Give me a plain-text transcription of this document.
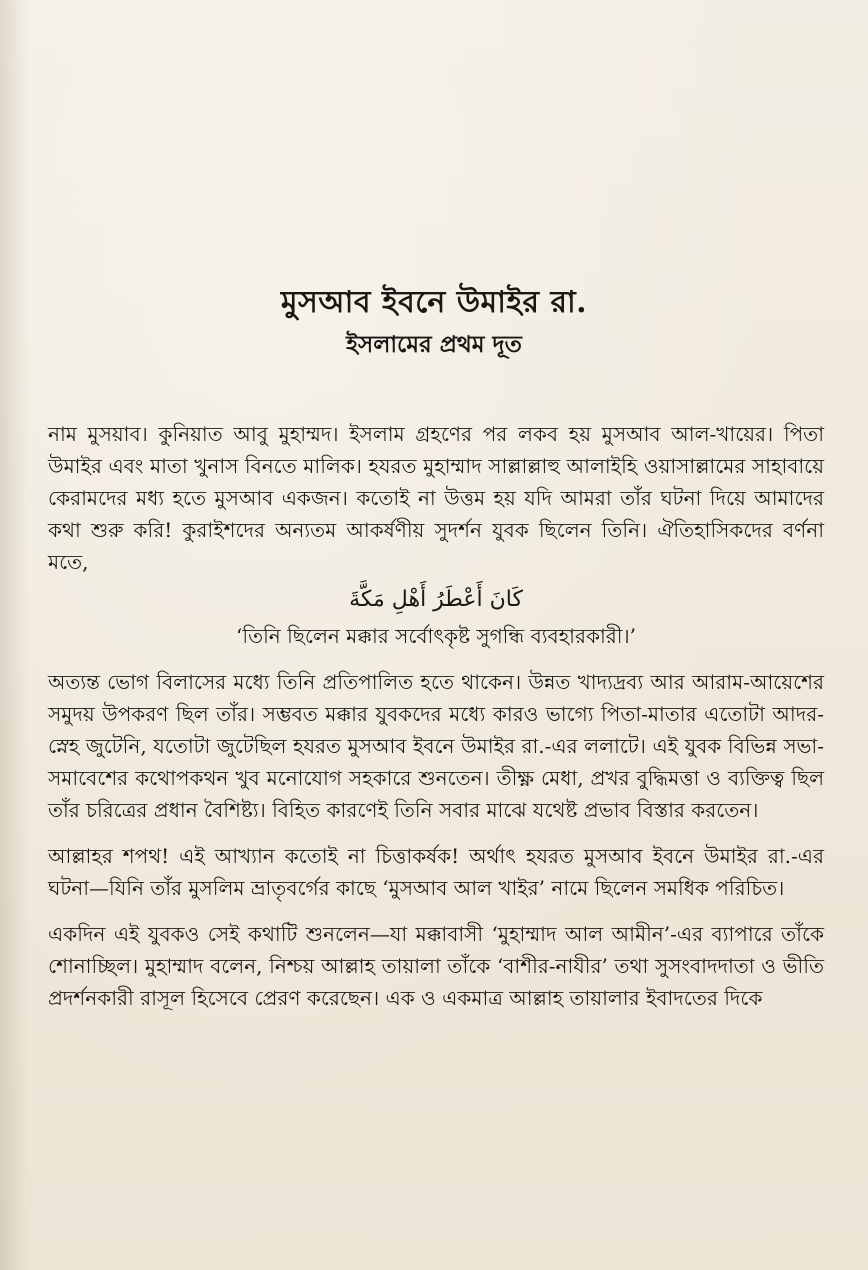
মুসআব ইবনে উমাইর রা.
ইসলামের প্রথম দূত

নাম মুসয়াব। কুনিয়াত আবু মুহাম্মদ। ইসলাম গ্রহণের পর লকব হয় মুসআব আল-খায়ের। পিতা উমাইর এবং মাতা খুনাস বিনতে মালিক। হযরত মুহাম্মাদ সাল্লাল্লাহু আলাইহি ওয়াসাল্লামের সাহাবায়ে কেরামদের মধ্য হতে মুসআব একজন। কতোই না উত্তম হয় যদি আমরা তাঁর ঘটনা দিয়ে আমাদের কথা শুরু করি! কুরাইশদের অন্যতম আকর্ষণীয় সুদর্শন যুবক ছিলেন তিনি। ঐতিহাসিকদের বর্ণনা মতে,

كَانَ أَعْطَرُ أَهْلِ مَكَّةَ

‘তিনি ছিলেন মক্কার সর্বোৎকৃষ্ট সুগন্ধি ব্যবহারকারী।’

অত্যন্ত ভোগ বিলাসের মধ্যে তিনি প্রতিপালিত হতে থাকেন। উন্নত খাদ্যদ্রব্য আর আরাম-আয়েশের সমুদয় উপকরণ ছিল তাঁর। সম্ভবত মক্কার যুবকদের মধ্যে কারও ভাগ্যে পিতা-মাতার এতোটা আদর-স্নেহ জুটেনি, যতোটা জুটেছিল হযরত মুসআব ইবনে উমাইর রা.-এর ললাটে। এই যুবক বিভিন্ন সভা-সমাবেশের কথোপকথন খুব মনোযোগ সহকারে শুনতেন। তীক্ষ্ণ মেধা, প্রখর বুদ্ধিমত্তা ও ব্যক্তিত্ব ছিল তাঁর চরিত্রের প্রধান বৈশিষ্ট্য। বিহিত কারণেই তিনি সবার মাঝে যথেষ্ট প্রভাব বিস্তার করতেন।

আল্লাহর শপথ! এই আখ্যান কতোই না চিত্তাকর্ষক! অর্থাৎ হযরত মুসআব ইবনে উমাইর রা.-এর ঘটনা—যিনি তাঁর মুসলিম ভ্রাতৃবর্গের কাছে ‘মুসআব আল খাইর’ নামে ছিলেন সমধিক পরিচিত।

একদিন এই যুবকও সেই কথাটি শুনলেন—যা মক্কাবাসী ‘মুহাম্মাদ আল আমীন’-এর ব্যাপারে তাঁকে শোনাচ্ছিল। মুহাম্মাদ বলেন, নিশ্চয় আল্লাহ তায়ালা তাঁকে ‘বাশীর-নাযীর’ তথা সুসংবাদদাতা ও ভীতি প্রদর্শনকারী রাসূল হিসেবে প্রেরণ করেছেন। এক ও একমাত্র আল্লাহ তায়ালার ইবাদতের দিকে
